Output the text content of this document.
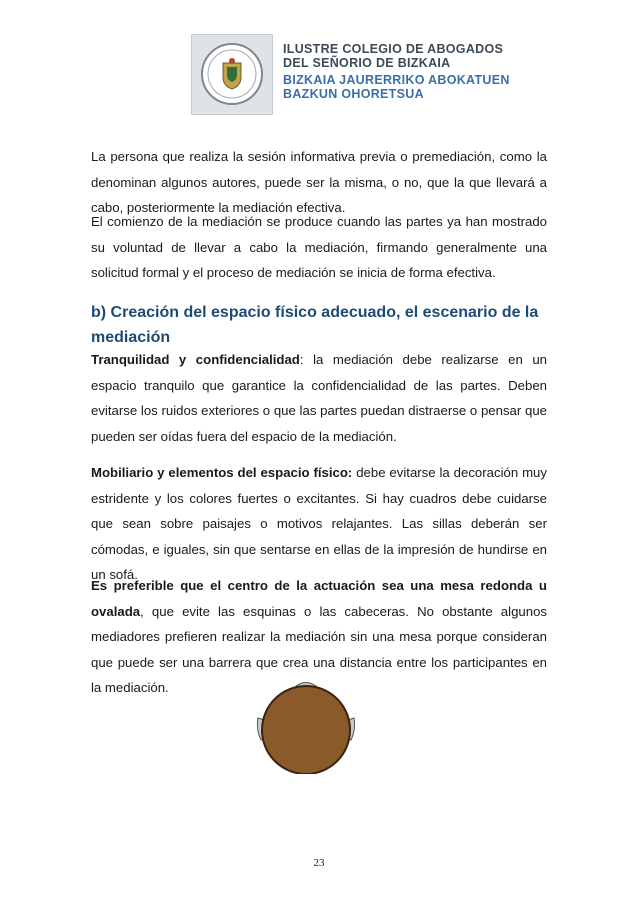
ILUSTRE COLEGIO DE ABOGADOS
DEL SEÑORIO DE BIZKAIA
BIZKAIA JAURERRIKO ABOKATUEN
BAZKUN OHORETSUA

La persona que realiza la sesión informativa previa o premediación, como la denominan algunos autores, puede ser la misma, o no, que la que llevará a cabo, posteriormente la mediación efectiva.

El comienzo de la mediación se produce cuando las partes ya han mostrado su voluntad de llevar a cabo la mediación, firmando generalmente una solicitud formal y el proceso de mediación se inicia de forma efectiva.

b) Creación del espacio físico adecuado, el escenario de la mediación

Tranquilidad y confidencialidad: la mediación debe realizarse en un espacio tranquilo que garantice la confidencialidad de las partes. Deben evitarse los ruidos exteriores o que las partes puedan distraerse o pensar que pueden ser oídas fuera del espacio de la mediación.

Mobiliario y elementos del espacio físico: debe evitarse la decoración muy estridente y los colores fuertes o excitantes. Si hay cuadros debe cuidarse que sean sobre paisajes o motivos relajantes. Las sillas deberán ser cómodas, e iguales, sin que sentarse en ellas de la impresión de hundirse en un sofá.

Es preferible que el centro de la actuación sea una mesa redonda u ovalada, que evite las esquinas o las cabeceras. No obstante algunos mediadores prefieren realizar la mediación sin una mesa porque consideran que puede ser una barrera que crea una distancia entre los participantes en la mediación.

23
